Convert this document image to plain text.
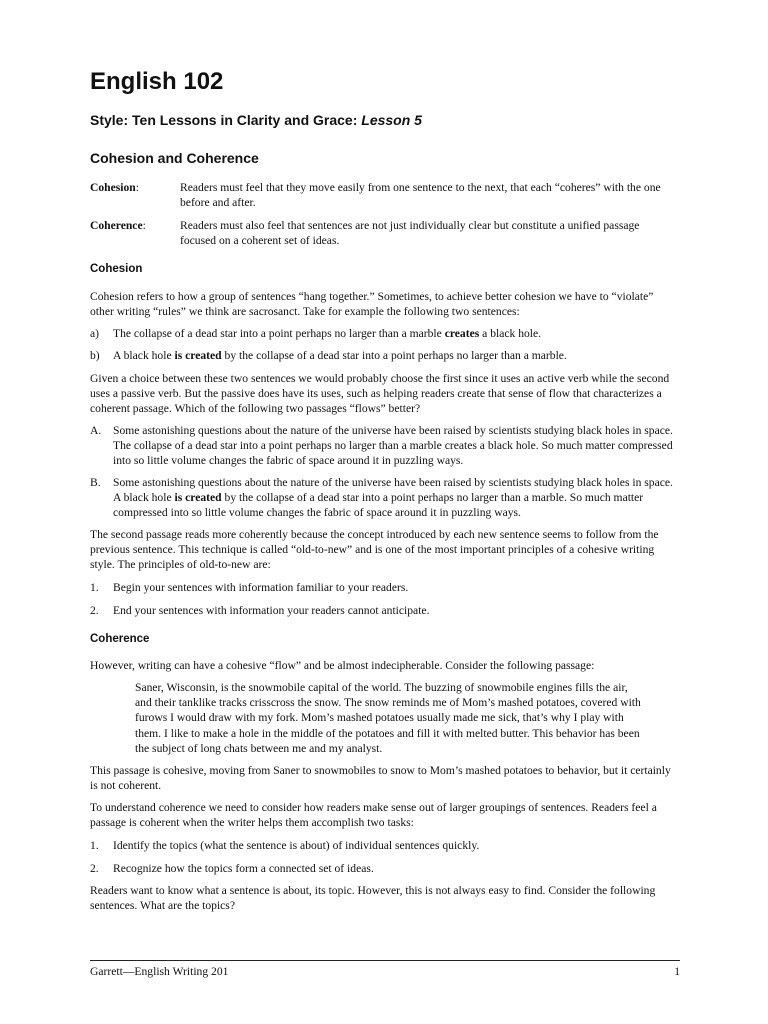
English 102
Style: Ten Lessons in Clarity and Grace: Lesson 5
Cohesion and Coherence
Cohesion:	Readers must feel that they move easily from one sentence to the next, that each “coheres” with the one before and after.
Coherence:	Readers must also feel that sentences are not just individually clear but constitute a unified passage focused on a coherent set of ideas.
Cohesion
Cohesion refers to how a group of sentences “hang together.” Sometimes, to achieve better cohesion we have to “violate” other writing “rules” we think are sacrosanct. Take for example the following two sentences:
a)	The collapse of a dead star into a point perhaps no larger than a marble creates a black hole.
b)	A black hole is created by the collapse of a dead star into a point perhaps no larger than a marble.
Given a choice between these two sentences we would probably choose the first since it uses an active verb while the second uses a passive verb. But the passive does have its uses, such as helping readers create that sense of flow that characterizes a coherent passage. Which of the following two passages “flows” better?
A.	Some astonishing questions about the nature of the universe have been raised by scientists studying black holes in space. The collapse of a dead star into a point perhaps no larger than a marble creates a black hole. So much matter compressed into so little volume changes the fabric of space around it in puzzling ways.
B.	Some astonishing questions about the nature of the universe have been raised by scientists studying black holes in space. A black hole is created by the collapse of a dead star into a point perhaps no larger than a marble. So much matter compressed into so little volume changes the fabric of space around it in puzzling ways.
The second passage reads more coherently because the concept introduced by each new sentence seems to follow from the previous sentence. This technique is called “old-to-new” and is one of the most important principles of a cohesive writing style. The principles of old-to-new are:
1.	Begin your sentences with information familiar to your readers.
2.	End your sentences with information your readers cannot anticipate.
Coherence
However, writing can have a cohesive “flow” and be almost indecipherable. Consider the following passage:
Saner, Wisconsin, is the snowmobile capital of the world. The buzzing of snowmobile engines fills the air, and their tanklike tracks crisscross the snow. The snow reminds me of Mom’s mashed potatoes, covered with furows I would draw with my fork. Mom’s mashed potatoes usually made me sick, that’s why I play with them. I like to make a hole in the middle of the potatoes and fill it with melted butter. This behavior has been the subject of long chats between me and my analyst.
This passage is cohesive, moving from Saner to snowmobiles to snow to Mom’s mashed potatoes to behavior, but it certainly is not coherent.
To understand coherence we need to consider how readers make sense out of larger groupings of sentences. Readers feel a passage is coherent when the writer helps them accomplish two tasks:
1.	Identify the topics (what the sentence is about) of individual sentences quickly.
2.	Recognize how the topics form a connected set of ideas.
Readers want to know what a sentence is about, its topic. However, this is not always easy to find. Consider the following sentences. What are the topics?
Garrett—English Writing 201	1
